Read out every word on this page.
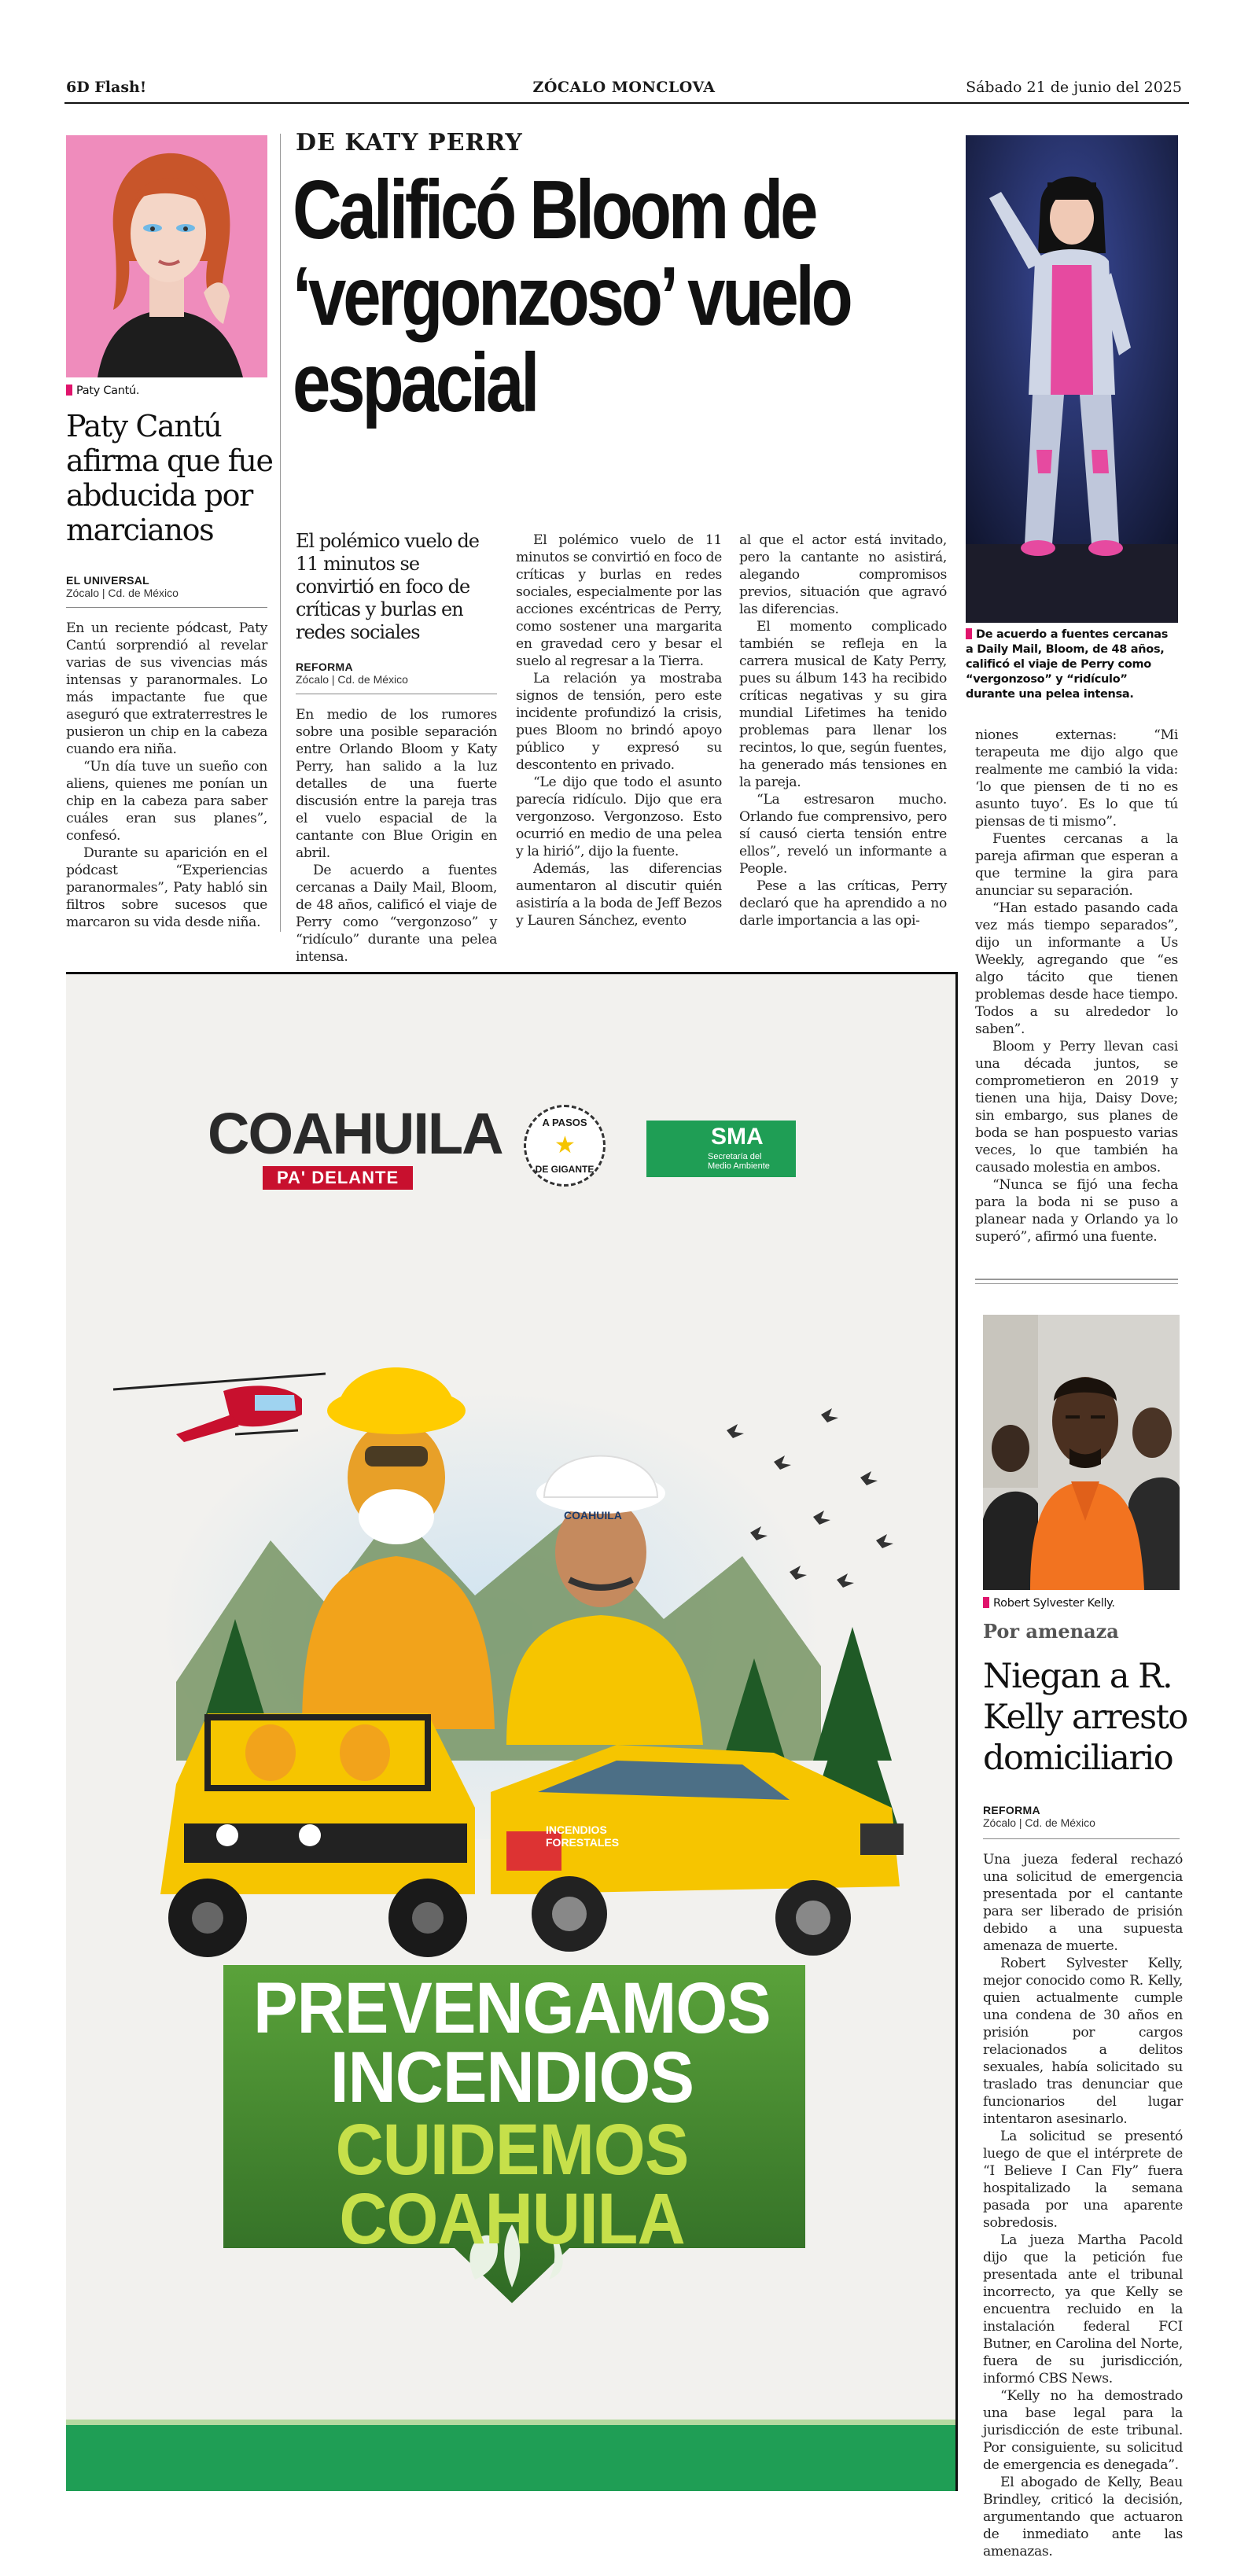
6D Flash!	ZÓCALO MONCLOVA	Sábado 21 de junio del 2025
Paty Cantú.
Paty Cantú afirma que fue abducida por marcianos
EL UNIVERSAL
Zócalo | Cd. de México

En un reciente pódcast, Paty Cantú sorprendió al revelar varias de sus vivencias más intensas y paranormales. Lo más impactante fue que aseguró que extraterrestres le pusieron un chip en la cabeza cuando era niña.

“Un día tuve un sueño con aliens, quienes me ponían un chip en la cabeza para saber cuáles eran sus planes”, confesó.

Durante su aparición en el pódcast “Experiencias paranormales”, Paty habló sin filtros sobre sucesos que marcaron su vida desde niña.

DE KATY PERRY
Calificó Bloom de ‘vergonzoso’ vuelo espacial
El polémico vuelo de 11 minutos se convirtió en foco de críticas y burlas en redes sociales
REFORMA
Zócalo | Cd. de México

En medio de los rumores sobre una posible separación entre Orlando Bloom y Katy Perry, han salido a la luz detalles de una fuerte discusión entre la pareja tras el vuelo espacial de la cantante con Blue Origin en abril.

De acuerdo a fuentes cercanas a Daily Mail, Bloom, de 48 años, calificó el viaje de Perry como “vergonzoso” y “ridículo” durante una pelea intensa.

El polémico vuelo de 11 minutos se convirtió en foco de críticas y burlas en redes sociales, especialmente por las acciones excéntricas de Perry, como sostener una margarita en gravedad cero y besar el suelo al regresar a la Tierra.

La relación ya mostraba signos de tensión, pero este incidente profundizó la crisis, pues Bloom no brindó apoyo público y expresó su descontento en privado.

“Le dijo que todo el asunto parecía ridículo. Dijo que era vergonzoso. Vergonzoso. Esto ocurrió en medio de una pelea y la hirió”, dijo la fuente.

Además, las diferencias aumentaron al discutir quién asistiría a la boda de Jeff Bezos y Lauren Sánchez, evento

al que el actor está invitado, pero la cantante no asistirá, alegando compromisos previos, situación que agravó las diferencias.

El momento complicado también se refleja en la carrera musical de Katy Perry, pues su álbum 143 ha recibido críticas negativas y su gira mundial Lifetimes ha tenido problemas para llenar los recintos, lo que, según fuentes, ha generado más tensiones en la pareja.

“La estresaron mucho. Orlando fue comprensivo, pero sí causó cierta tensión entre ellos”, reveló un informante a People.

Pese a las críticas, Perry declaró que ha aprendido a no darle importancia a las opi-

De acuerdo a fuentes cercanas a Daily Mail, Bloom, de 48 años, calificó el viaje de Perry como “vergonzoso” y “ridículo” durante una pelea intensa.

niones externas: “Mi terapeuta me dijo algo que realmente me cambió la vida: ‘lo que piensen de ti no es asunto tuyo’. Es lo que tú piensas de ti mismo”.

Fuentes cercanas a la pareja afirman que esperan a que termine la gira para anunciar su separación.

“Han estado pasando cada vez más tiempo separados”, dijo un informante a Us Weekly, agregando que “es algo tácito que tienen problemas desde hace tiempo. Todos a su alrededor lo saben”.

Bloom y Perry llevan casi una década juntos, se comprometieron en 2019 y tienen una hija, Daisy Dove; sin embargo, sus planes de boda se han pospuesto varias veces, lo que también ha causado molestia en ambos.

“Nunca se fijó una fecha para la boda ni se puso a planear nada y Orlando ya lo superó”, afirmó una fuente.

Robert Sylvester Kelly.
Por amenaza
Niegan a R. Kelly arresto domiciliario
REFORMA
Zócalo | Cd. de México

Una jueza federal rechazó una solicitud de emergencia presentada por el cantante para ser liberado de prisión debido a una supuesta amenaza de muerte.

Robert Sylvester Kelly, mejor conocido como R. Kelly, quien actualmente cumple una condena de 30 años en prisión por cargos relacionados a delitos sexuales, había solicitado su traslado tras denunciar que funcionarios del lugar intentaron asesinarlo.

La solicitud se presentó luego de que el intérprete de “I Believe I Can Fly” fuera hospitalizado la semana pasada por una aparente sobredosis.

La jueza Martha Pacold dijo que la petición fue presentada ante el tribunal incorrecto, ya que Kelly se encuentra recluido en la instalación federal FCI Butner, en Carolina del Norte, fuera de su jurisdicción, informó CBS News.

“Kelly no ha demostrado una base legal para la jurisdicción de este tribunal. Por consiguiente, su solicitud de emergencia es denegada”.

El abogado de Kelly, Beau Brindley, criticó la decisión, argumentando que actuaron de inmediato ante las amenazas.

COAHUILA
PA' DELANTE
A PASOS
★
DE GIGANTE
SMA
Secretaría del
Medio Ambiente
COAHUILA
INCENDIOS FORESTALES
PREVENGAMOS
INCENDIOS
CUIDEMOS
COAHUILA
